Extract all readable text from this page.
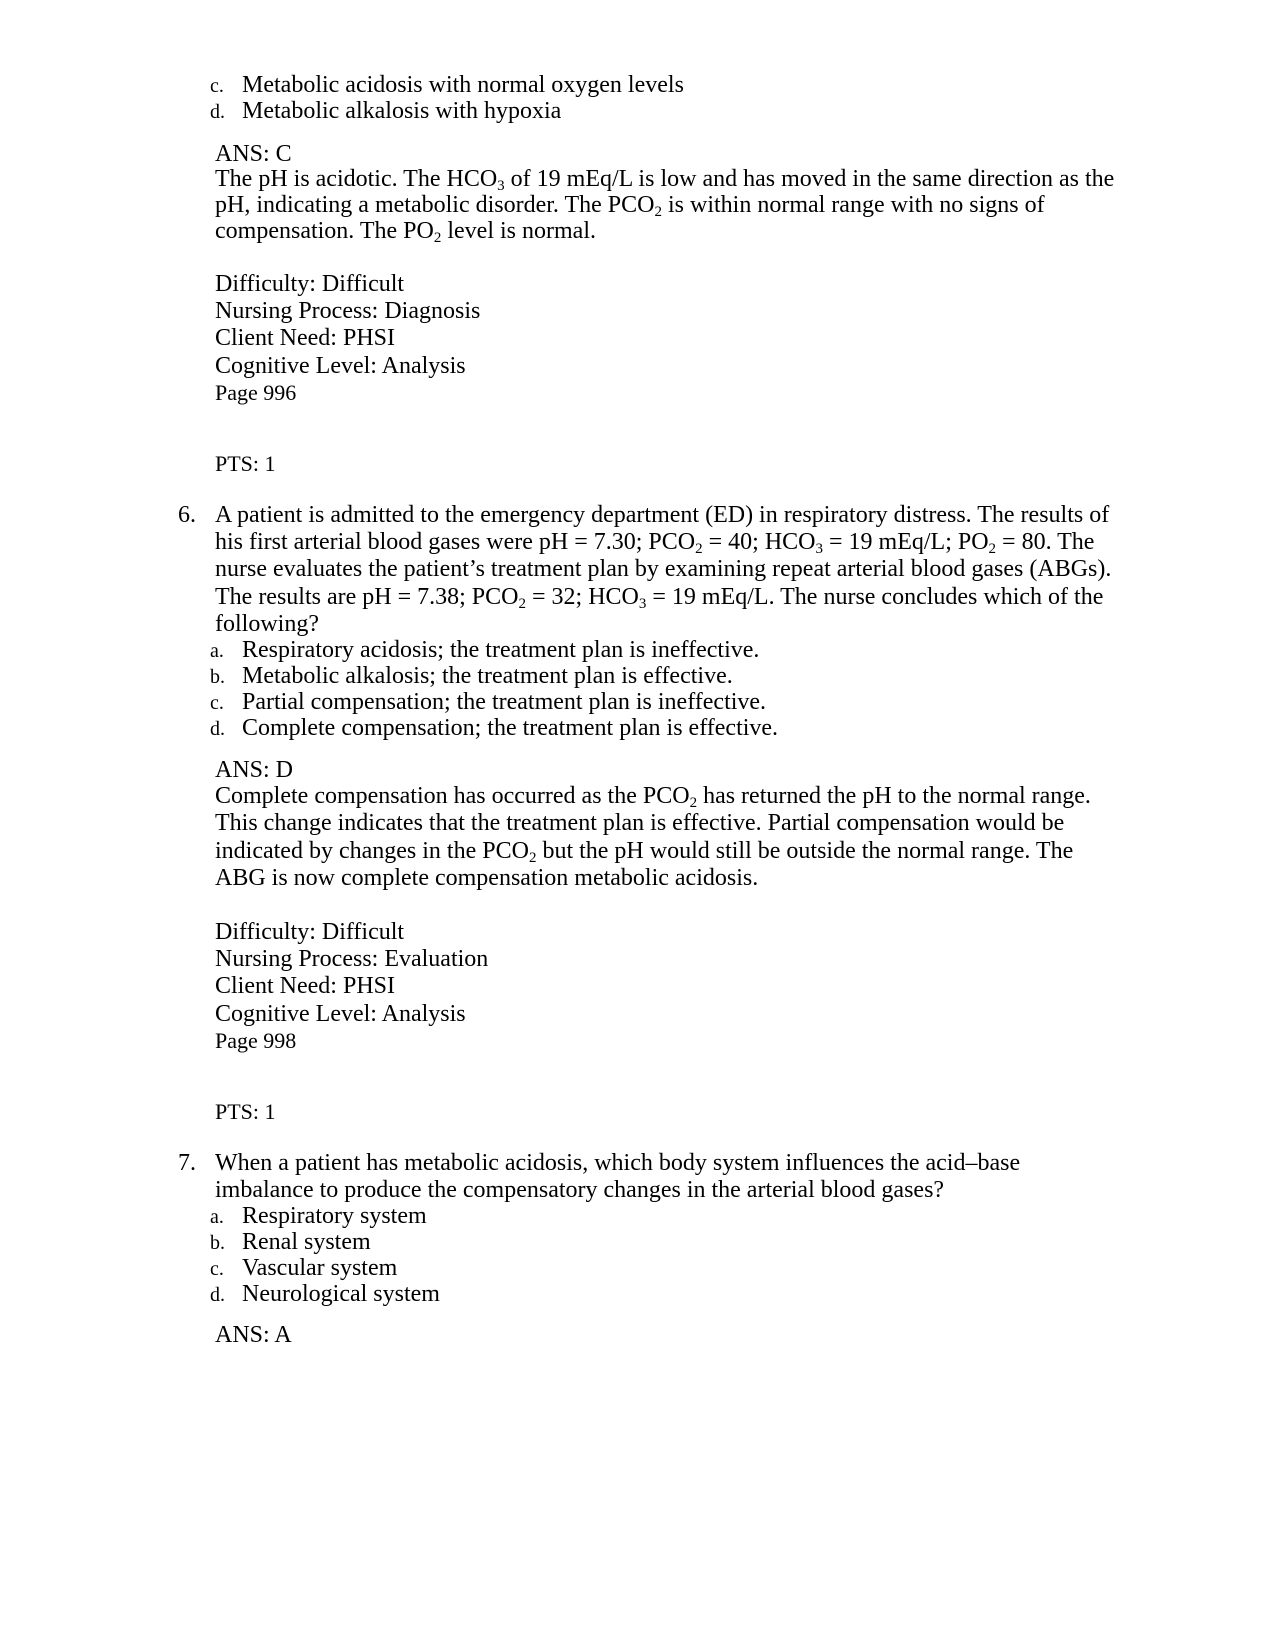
c. Metabolic acidosis with normal oxygen levels
d. Metabolic alkalosis with hypoxia
ANS: C
The pH is acidotic. The $HCO_3$ of 19 mEq/L is low and has moved in the same direction as the
pH, indicating a metabolic disorder. The $PCO_2$ is within normal range with no signs of
compensation. The $PO_2$ level is normal.
Difficulty: Difficult
Nursing Process: Diagnosis
Client Need: PHSI
Cognitive Level: Analysis
Page 996
PTS: 1
6. A patient is admitted to the emergency department (ED) in respiratory distress. The results of
his first arterial blood gases were pH = 7.30; $PCO_2 = 40$; $HCO_3 = 19$ mEq/L; $PO_2 = 80$. The
nurse evaluates the patient’s treatment plan by examining repeat arterial blood gases (ABGs).
The results are pH = 7.38; $PCO_2 = 32$; $HCO_3 = 19$ mEq/L. The nurse concludes which of the
following?
a. Respiratory acidosis; the treatment plan is ineffective.
b. Metabolic alkalosis; the treatment plan is effective.
c. Partial compensation; the treatment plan is ineffective.
d. Complete compensation; the treatment plan is effective.
ANS: D
Complete compensation has occurred as the $PCO_2$ has returned the pH to the normal range.
This change indicates that the treatment plan is effective. Partial compensation would be
indicated by changes in the $PCO_2$ but the pH would still be outside the normal range. The
ABG is now complete compensation metabolic acidosis.
Difficulty: Difficult
Nursing Process: Evaluation
Client Need: PHSI
Cognitive Level: Analysis
Page 998
PTS: 1
7. When a patient has metabolic acidosis, which body system influences the acid–base
imbalance to produce the compensatory changes in the arterial blood gases?
a. Respiratory system
b. Renal system
c. Vascular system
d. Neurological system
ANS: A
